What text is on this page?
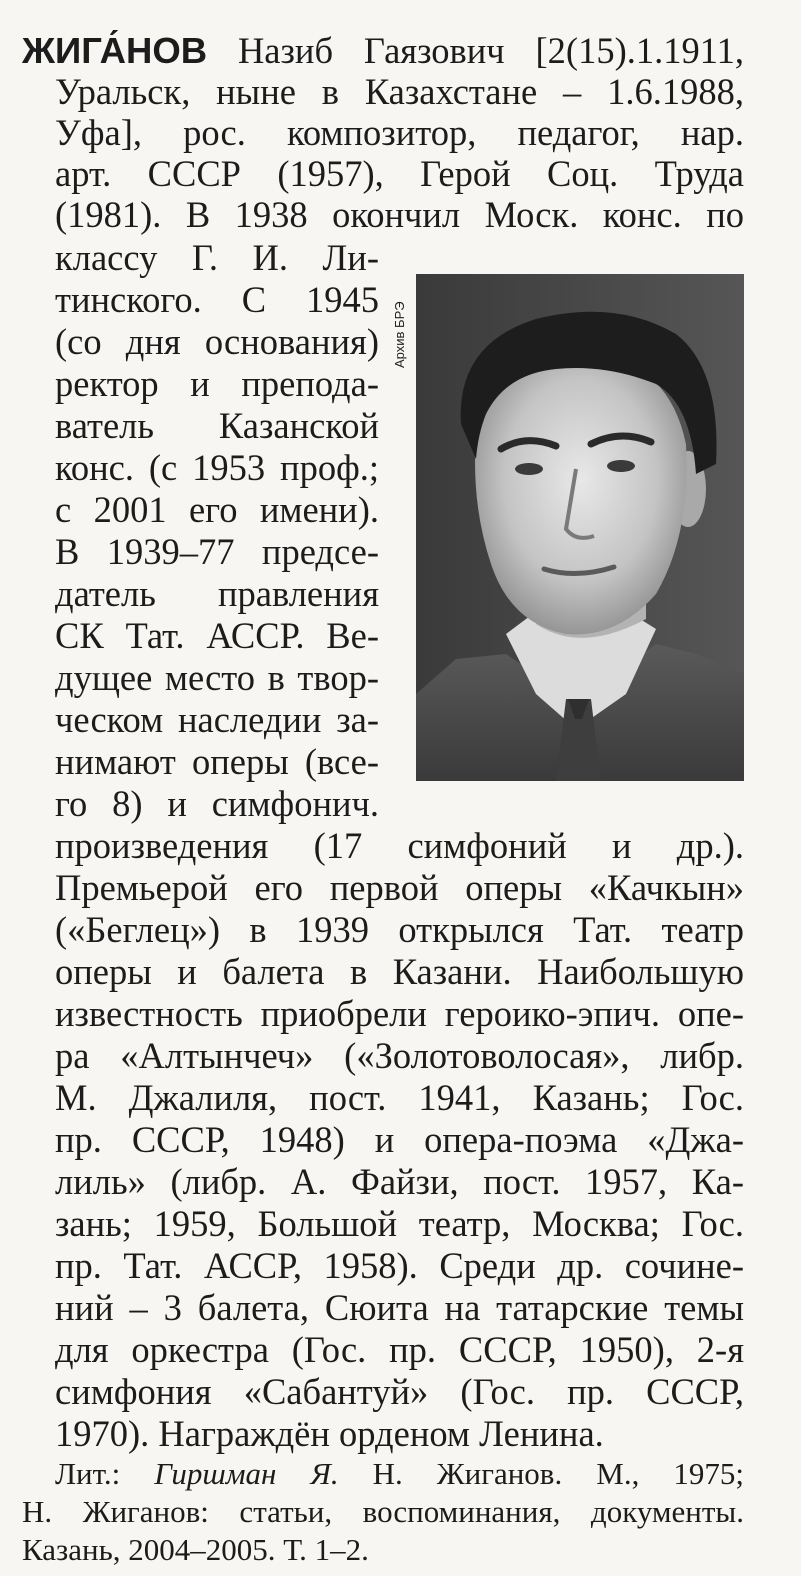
ЖИГА́НОВ Назиб Гаязович [2(15).1.1911,
Уральск, ныне в Казахстане – 1.6.1988,
Уфа], рос. композитор, педагог, нар.
арт. СССР (1957), Герой Соц. Труда
(1981). В 1938 окончил Моск. конс. по
классу Г. И. Ли-
тинского. С 1945
(со дня основания)
ректор и препода-
ватель Казанской
конс. (с 1953 проф.;
с 2001 его имени).
В 1939–77 предсе-
датель правления
СК Тат. АССР. Ве-
дущее место в твор-
ческом наследии за-
нимают оперы (все-
го 8) и симфонич.
Архив БРЭ
произведения (17 симфоний и др.).
Премьерой его первой оперы «Качкын»
(«Беглец») в 1939 открылся Тат. театр
оперы и балета в Казани. Наибольшую
известность приобрели героико-эпич. опе-
ра «Алтынчеч» («Золотоволосая», либр.
М. Джалиля, пост. 1941, Казань; Гос.
пр. СССР, 1948) и опера-поэма «Джа-
лиль» (либр. А. Файзи, пост. 1957, Ка-
зань; 1959, Большой театр, Москва; Гос.
пр. Тат. АССР, 1958). Среди др. сочине-
ний – 3 балета, Сюита на татарские темы
для оркестра (Гос. пр. СССР, 1950), 2-я
симфония «Сабантуй» (Гос. пр. СССР,
1970). Награждён орденом Ленина.
Лит.: Гиршман Я. Н. Жиганов. М., 1975;
Н. Жиганов: статьи, воспоминания, документы.
Казань, 2004–2005. Т. 1–2.
